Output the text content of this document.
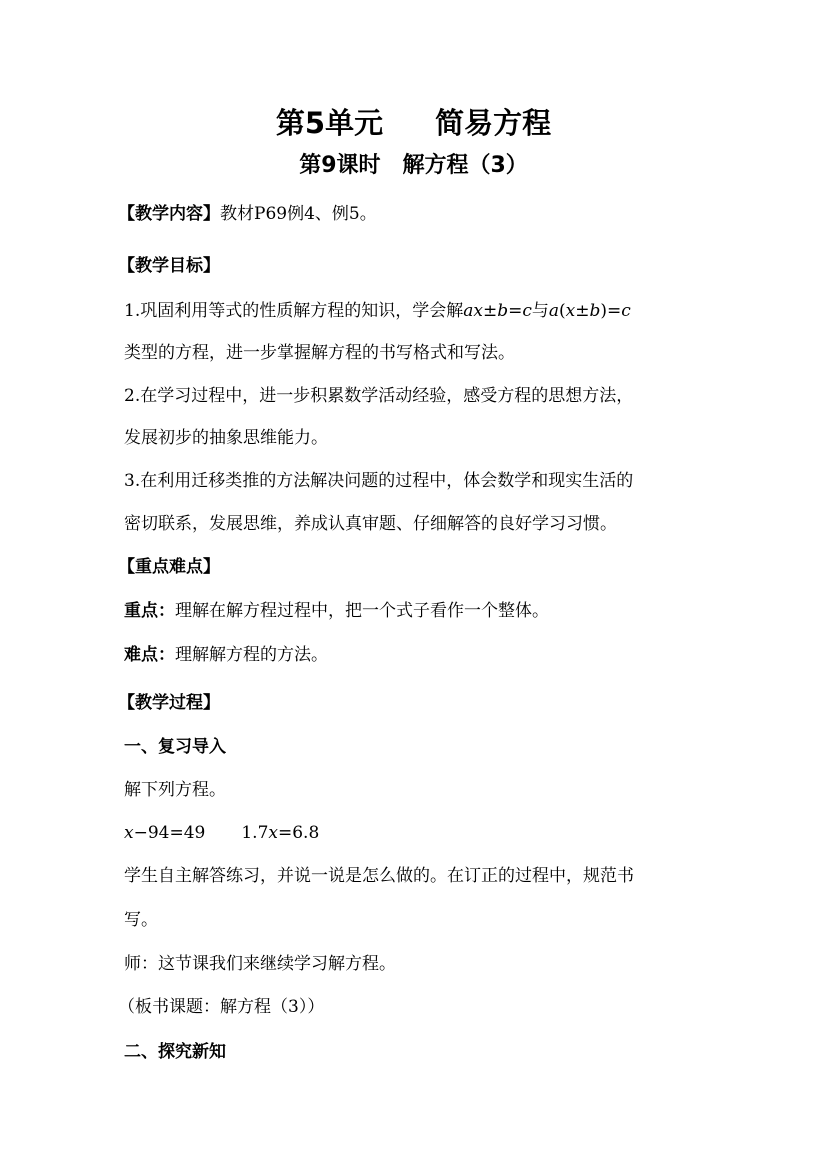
第5单元 简易方程
第9课时 解方程（3）
【教学内容】教材P69例4、例5。
【教学目标】
1.巩固利用等式的性质解方程的知识，学会解ax±b=c与a(x±b)=c
类型的方程，进一步掌握解方程的书写格式和写法。
2.在学习过程中，进一步积累数学活动经验，感受方程的思想方法，
发展初步的抽象思维能力。
3.在利用迁移类推的方法解决问题的过程中，体会数学和现实生活的
密切联系，发展思维，养成认真审题、仔细解答的良好学习习惯。
【重点难点】
重点：理解在解方程过程中，把一个式子看作一个整体。
难点：理解解方程的方法。
【教学过程】
一、复习导入
解下列方程。
x−94=49 1.7x=6.8
学生自主解答练习，并说一说是怎么做的。在订正的过程中，规范书
写。
师：这节课我们来继续学习解方程。
（板书课题：解方程（3））
二、探究新知
